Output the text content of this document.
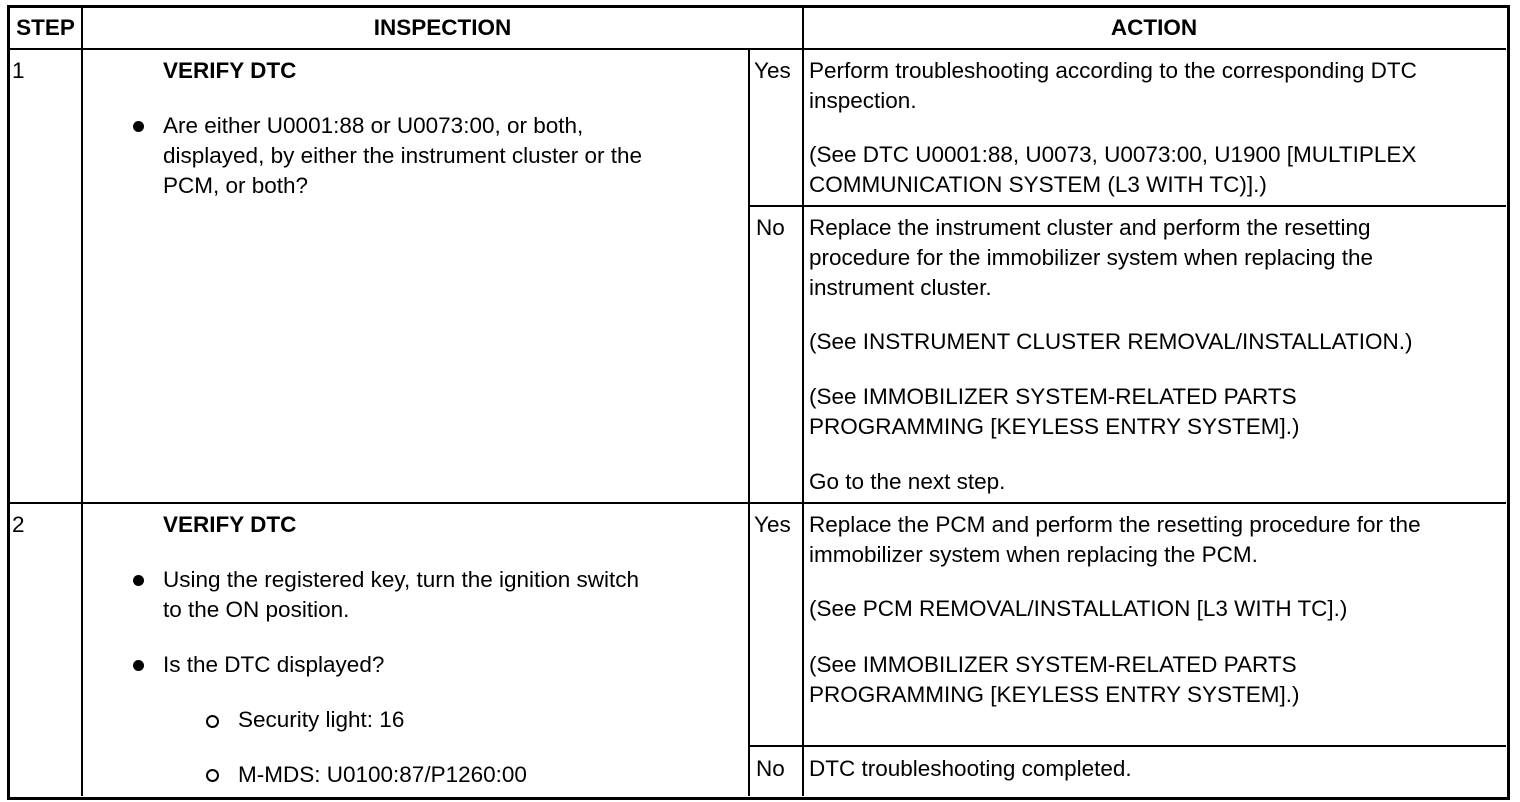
STEP	INSPECTION	ACTION
1	VERIFY DTC
Are either U0001:88 or U0073:00, or both,
displayed, by either the instrument cluster or the
PCM, or both?
Yes Perform troubleshooting according to the corresponding DTC
inspection.
(See DTC U0001:88, U0073, U0073:00, U1900 [MULTIPLEX
COMMUNICATION SYSTEM (L3 WITH TC)].)
No Replace the instrument cluster and perform the resetting
procedure for the immobilizer system when replacing the
instrument cluster.
(See INSTRUMENT CLUSTER REMOVAL/INSTALLATION.)
(See IMMOBILIZER SYSTEM-RELATED PARTS
PROGRAMMING [KEYLESS ENTRY SYSTEM].)
Go to the next step.
2	VERIFY DTC
Using the registered key, turn the ignition switch
to the ON position.
Is the DTC displayed?
Security light: 16
M-MDS: U0100:87/P1260:00
Yes Replace the PCM and perform the resetting procedure for the
immobilizer system when replacing the PCM.
(See PCM REMOVAL/INSTALLATION [L3 WITH TC].)
(See IMMOBILIZER SYSTEM-RELATED PARTS
PROGRAMMING [KEYLESS ENTRY SYSTEM].)
No DTC troubleshooting completed.
